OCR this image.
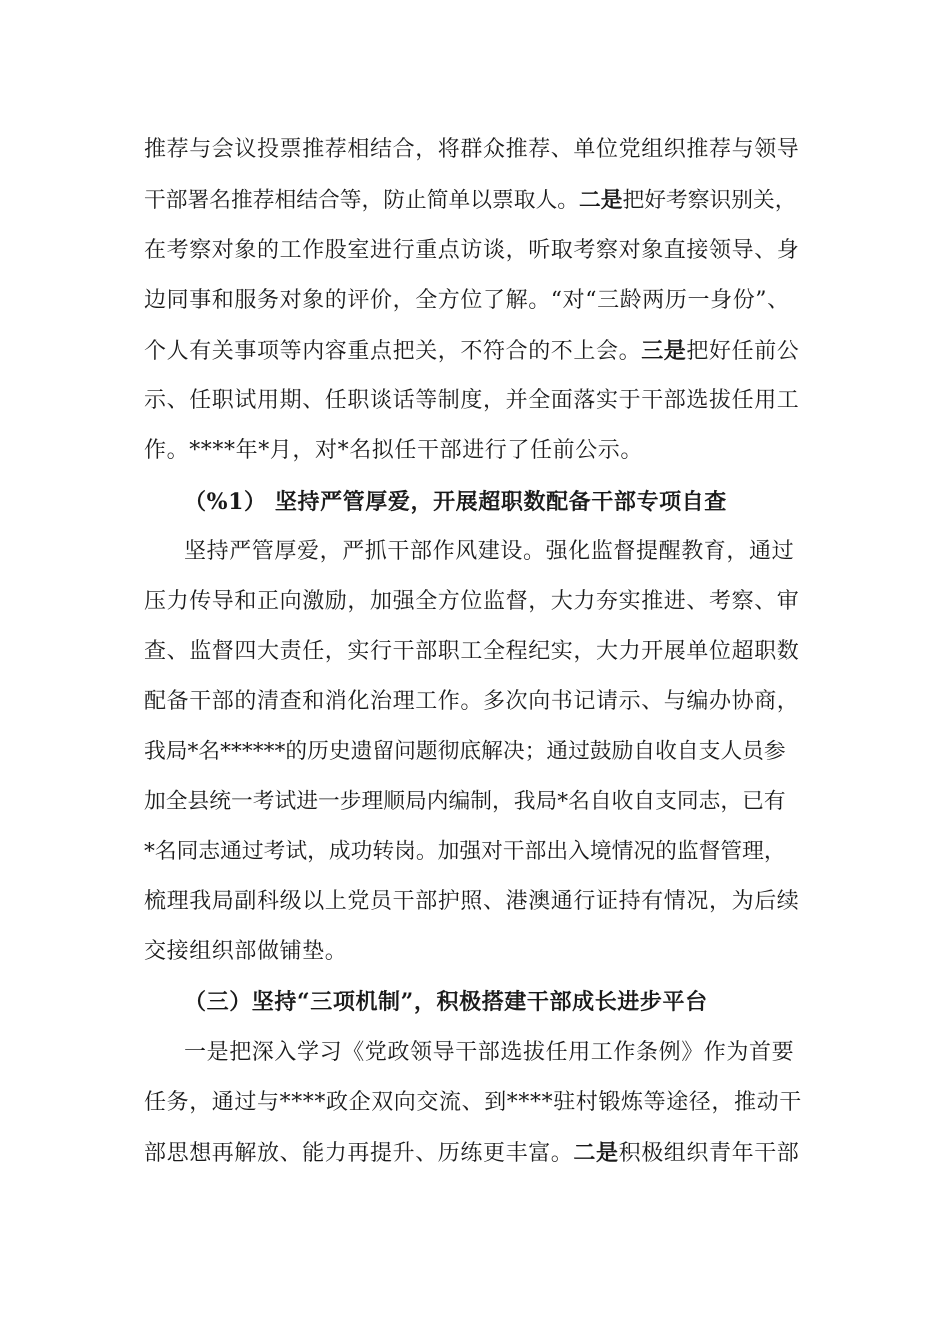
推荐与会议投票推荐相结合，将群众推荐、单位党组织推荐与领导
干部署名推荐相结合等，防止简单以票取人。二是把好考察识别关，
在考察对象的工作股室进行重点访谈，听取考察对象直接领导、身
边同事和服务对象的评价，全方位了解。“对“三龄两历一身份”、
个人有关事项等内容重点把关，不符合的不上会。三是把好任前公
示、任职试用期、任职谈话等制度，并全面落实于干部选拔任用工
作。****年*月，对*名拟任干部进行了任前公示。
（%1） 坚持严管厚爱，开展超职数配备干部专项自查
坚持严管厚爱，严抓干部作风建设。强化监督提醒教育，通过
压力传导和正向激励，加强全方位监督，大力夯实推进、考察、审
查、监督四大责任，实行干部职工全程纪实，大力开展单位超职数
配备干部的清查和消化治理工作。多次向书记请示、与编办协商，
我局*名******的历史遗留问题彻底解决；通过鼓励自收自支人员参
加全县统一考试进一步理顺局内编制，我局*名自收自支同志，已有
*名同志通过考试，成功转岗。加强对干部出入境情况的监督管理，
梳理我局副科级以上党员干部护照、港澳通行证持有情况，为后续
交接组织部做铺垫。
（三）坚持“三项机制”，积极搭建干部成长进步平台
一是把深入学习《党政领导干部选拔任用工作条例》作为首要
任务，通过与****政企双向交流、到****驻村锻炼等途径，推动干
部思想再解放、能力再提升、历练更丰富。二是积极组织青年干部
